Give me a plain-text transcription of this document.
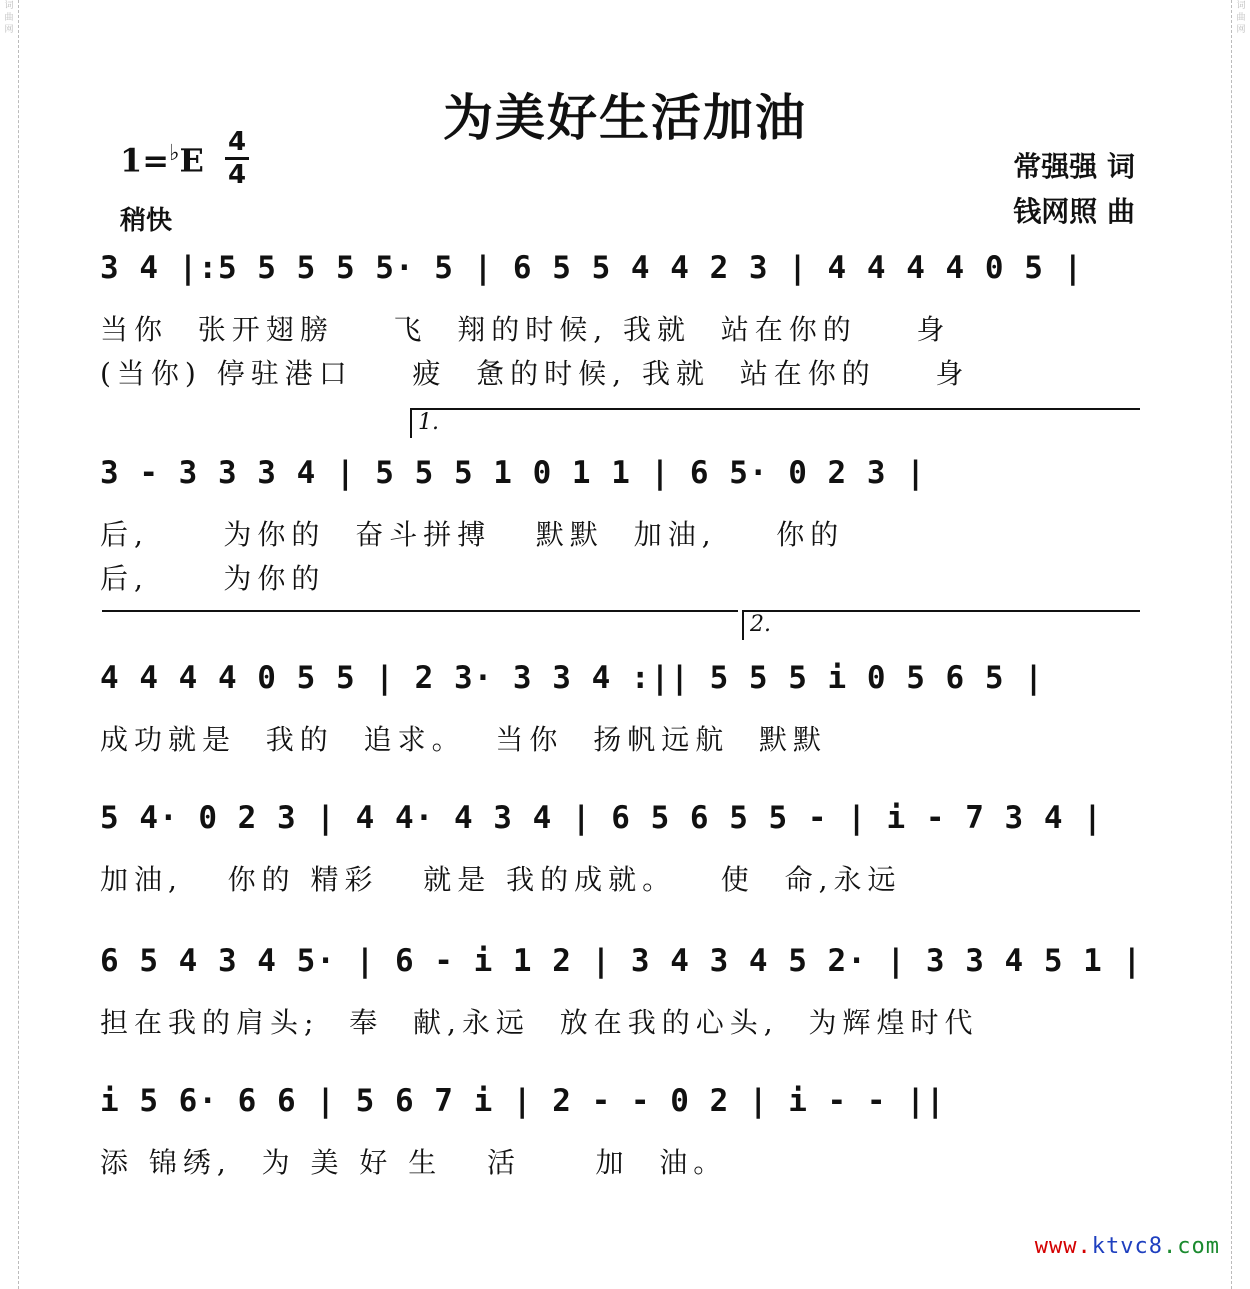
词
曲
网

词
曲
网

为美好生活加油
1=♭E 4
4
稍快
常强强 词
钱网照 曲
3 4 |:5 5 5 5 5· 5 | 6 5 5 4 4 2 3 | 4 4 4 4 0 5 |
当你  张开翅膀    飞  翔的时候, 我就  站在你的    身
(当你) 停驻港口    疲  惫的时候, 我就  站在你的    身
1.
3 - 3 3 3 4 | 5 5 5 1 0 1 1 | 6 5· 0 2 3 |
后,     为你的  奋斗拼搏   默默  加油,    你的
后,     为你的
2.
4 4 4 4 0 5 5 | 2 3· 3 3 4 :|| 5 5 5 i 0 5 6 5 |
成功就是  我的  追求。  当你  扬帆远航  默默
5 4· 0 2 3 | 4 4· 4 3 4 | 6 5 6 5 5 - | i - 7 3 4 |
加油,   你的 精彩   就是 我的成就。   使  命,永远
6 5 4 3 4 5· | 6 - i 1 2 | 3 4 3 4 5 2· | 3 3 4 5 1 |
担在我的肩头;  奉  献,永远  放在我的心头,  为辉煌时代
i 5 6· 6 6 | 5 6 7 i | 2 - - 0 2 | i - - ||
添 锦绣,  为 美 好 生   活     加  油。
www.ktvc8.com
